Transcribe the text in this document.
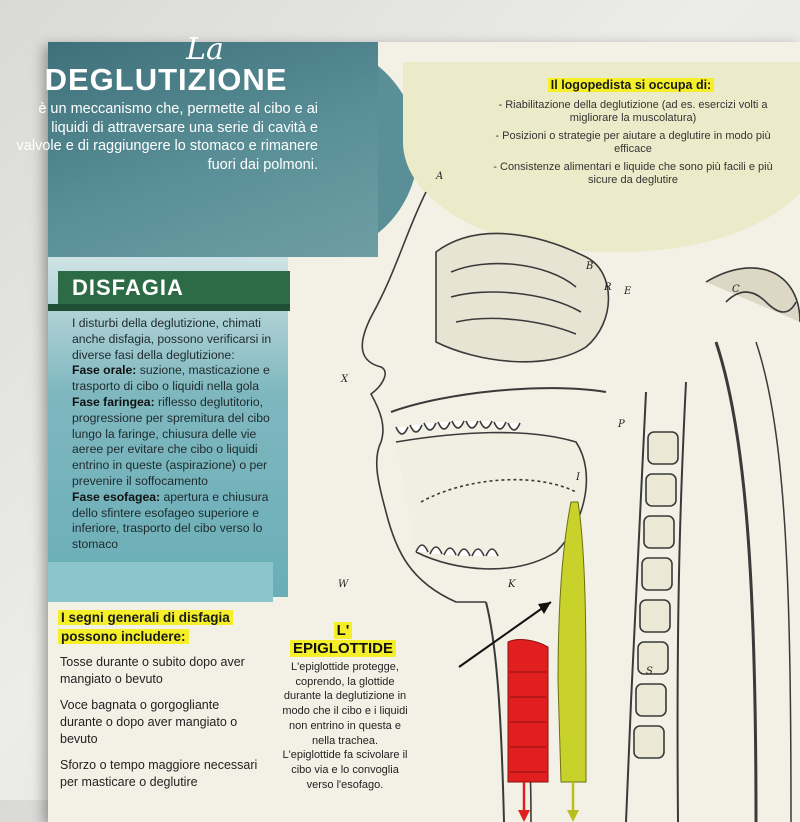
Il logopedista si occupa di:
- Riabilitazione della deglutizione (ad es. esercizi volti a migliorare la muscolatura)
- Posizioni o strategie per aiutare a deglutire in modo più efficace
- Consistenze alimentari e liquide che sono più facili e più sicure da deglutire
A
B
R E	C
X
P
I
K
W
S
La
DEGLUTIZIONE
è un meccanismo che, permette al cibo e ai liquidi di attraversare una serie di cavità e valvole e di raggiungere lo stomaco e rimanere fuori dai polmoni.
DISFAGIA
I disturbi della deglutizione, chimati anche disfagia, possono verificarsi in diverse fasi della deglutizione:
Fase orale: suzione, masticazione e trasporto di cibo o liquidi nella gola
Fase faringea: riflesso deglutitorio, progressione per spremitura del cibo lungo la faringe, chiusura delle vie aeree per evitare che cibo o liquidi entrino in queste (aspirazione) o per prevenire il soffocamento
Fase esofagea: apertura e chiusura dello sfintere esofageo superiore e inferiore, trasporto del cibo verso lo stomaco
I segni generali di disfagia
possono includere:
Tosse durante o subito dopo aver mangiato o bevuto
Voce bagnata o gorgogliante durante o dopo aver mangiato o bevuto
Sforzo o tempo maggiore necessari per masticare o deglutire
L'
EPIGLOTTIDE
L'epiglottide protegge, coprendo, la glottide durante la deglutizione in modo che il cibo e i liquidi non entrino in questa e nella trachea. L'epiglottide fa scivolare il cibo via e lo convoglia verso l'esofago.
